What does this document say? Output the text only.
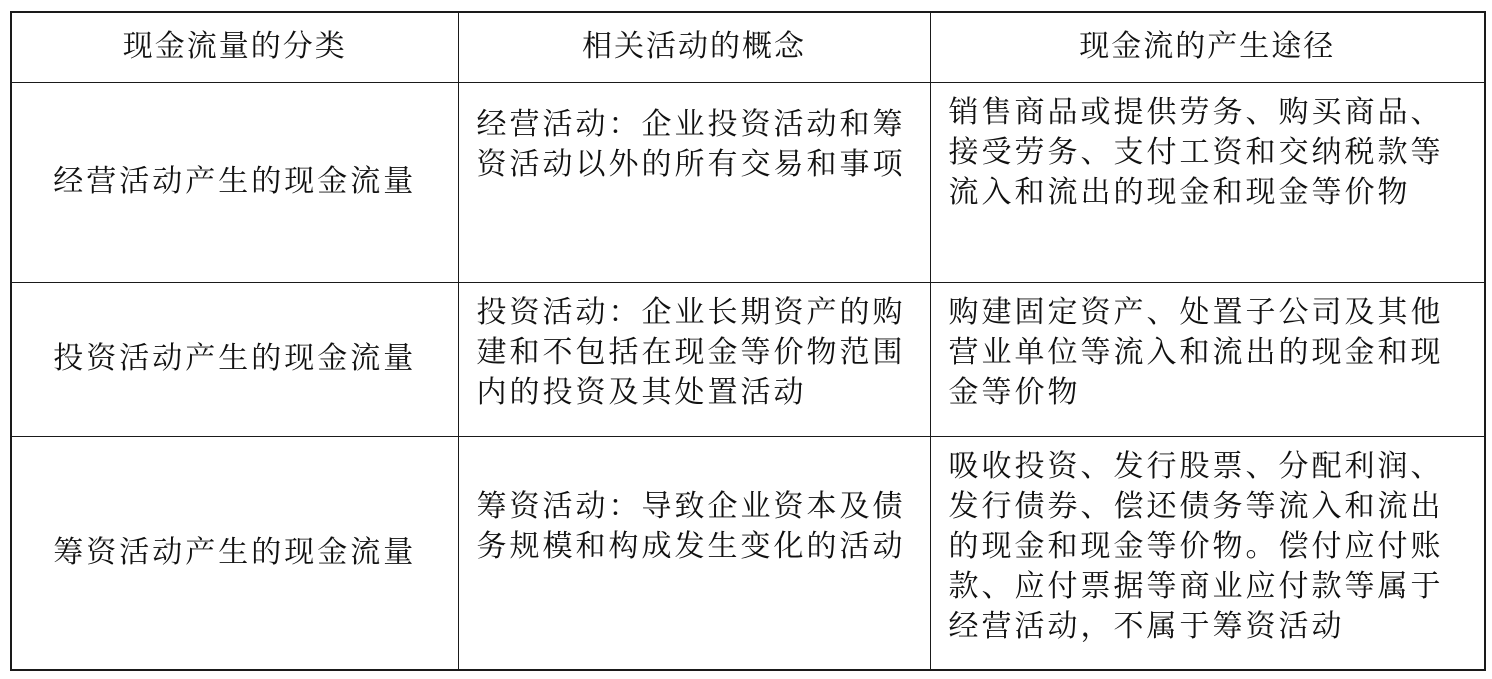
现金流量的分类	相关活动的概念	现金流的产生途径
经营活动产生的现金流量	经营活动：企业投资活动和筹资活动以外的所有交易和事项	销售商品或提供劳务、购买商品、接受劳务、支付工资和交纳税款等流入和流出的现金和现金等价物
投资活动产生的现金流量	投资活动：企业长期资产的购建和不包括在现金等价物范围内的投资及其处置活动	购建固定资产、处置子公司及其他营业单位等流入和流出的现金和现金等价物
筹资活动产生的现金流量	筹资活动：导致企业资本及债务规模和构成发生变化的活动	吸收投资、发行股票、分配利润、发行债券、偿还债务等流入和流出的现金和现金等价物。偿付应付账款、应付票据等商业应付款等属于经营活动，不属于筹资活动
